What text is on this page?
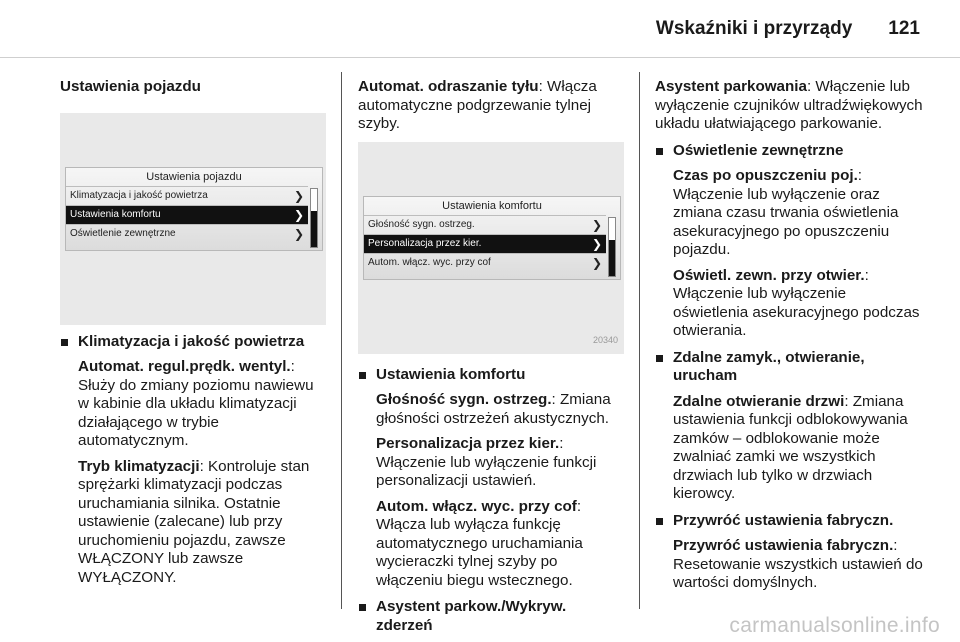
Wskaźniki i przyrządy 121
Ustawienia pojazdu
Ustawienia pojazdu
Klimatyzacja i jakość powietrza	❯
Ustawienia komfortu	❯
Oświetlenie zewnętrzne	❯
Klimatyzacja i jakość powietrza

Automat. regul.prędk. wentyl.: Służy do zmiany poziomu nawiewu w kabinie dla układu klimatyzacji działającego w trybie automatycznym.

Tryb klimatyzacji: Kontroluje stan sprężarki klimatyzacji podczas uruchamiania silnika. Ostatnie ustawienie (zalecane) lub przy uruchomieniu pojazdu, zawsze WŁĄCZONY lub zawsze WYŁĄCZONY.

Automat. odraszanie tyłu: Włącza automatyczne podgrzewanie tylnej szyby.

Ustawienia komfortu
Głośność sygn. ostrzeg.	❯
Personalizacja przez kier.	❯
Autom. włącz. wyc. przy cof	❯
20340
Ustawienia komfortu

Głośność sygn. ostrzeg.: Zmiana głośności ostrzeżeń akustycznych.

Personalizacja przez kier.: Włączenie lub wyłączenie funkcji personalizacji ustawień.

Autom. włącz. wyc. przy cof: Włącza lub wyłącza funkcję automatycznego uruchamiania wycieraczki tylnej szyby po włączeniu biegu wstecznego.

Asystent parkow./Wykryw. zderzeń

Asystent parkowania: Włączenie lub wyłączenie czujników ultradźwiękowych układu ułatwiającego parkowanie.

Oświetlenie zewnętrzne

Czas po opuszczeniu poj.: Włączenie lub wyłączenie oraz zmiana czasu trwania oświetlenia asekuracyjnego po opuszczeniu pojazdu.

Oświetl. zewn. przy otwier.: Włączenie lub wyłączenie oświetlenia asekuracyjnego podczas otwierania.

Zdalne zamyk., otwieranie, urucham

Zdalne otwieranie drzwi: Zmiana ustawienia funkcji odblokowywania zamków – odblokowanie może zwalniać zamki we wszystkich drzwiach lub tylko w drzwiach kierowcy.

Przywróć ustawienia fabryczn.

Przywróć ustawienia fabryczn.: Resetowanie wszystkich ustawień do wartości domyślnych.

carmanualsonline.info
